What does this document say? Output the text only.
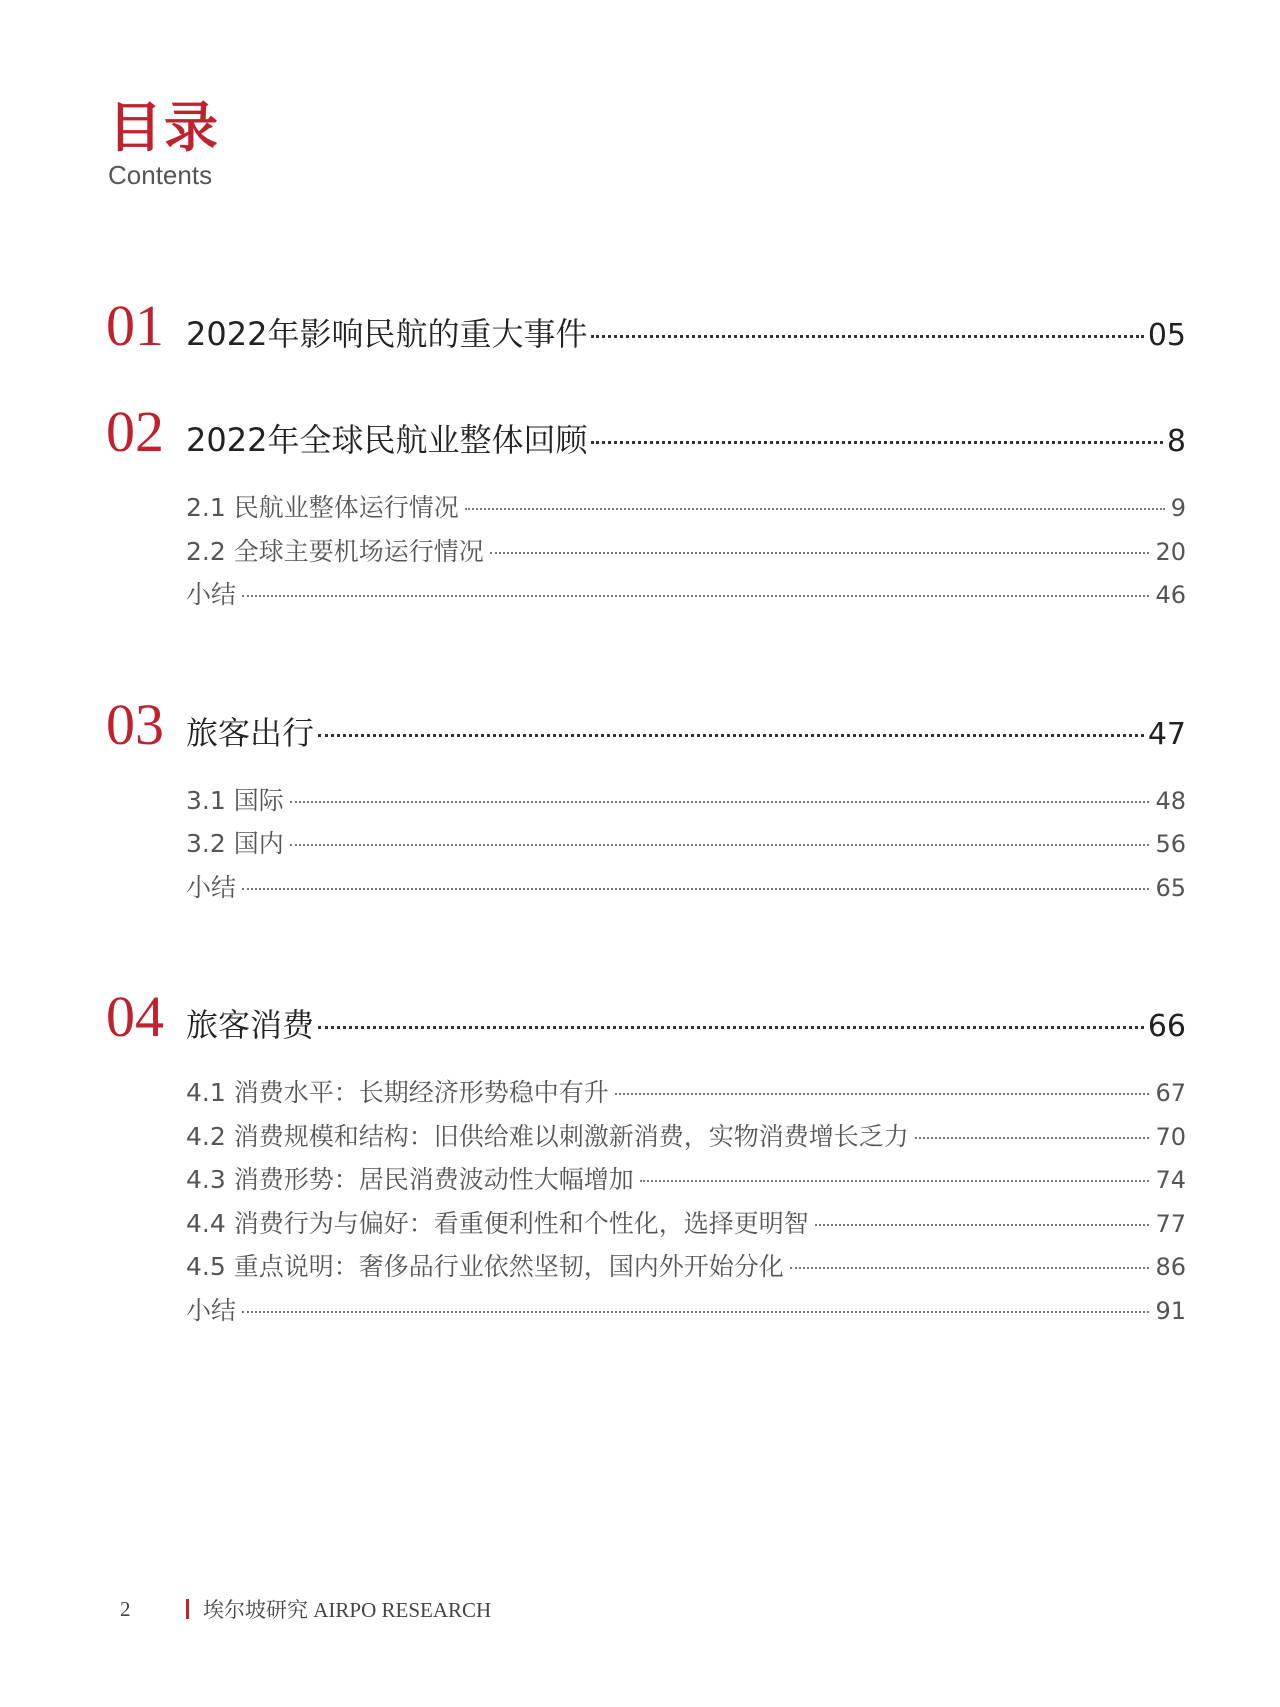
目录
Contents
01 2022年影响民航的重大事件	05
02 2022年全球民航业整体回顾	8
2.1 民航业整体运行情况	9
2.2 全球主要机场运行情况	20
小结	46
03 旅客出行	47
3.1 国际	48
3.2 国内	56
小结	65
04 旅客消费	66
4.1 消费水平：长期经济形势稳中有升	67
4.2 消费规模和结构：旧供给难以刺激新消费，实物消费增长乏力	70
4.3 消费形势：居民消费波动性大幅增加	74
4.4 消费行为与偏好：看重便利性和个性化，选择更明智	77
4.5 重点说明：奢侈品行业依然坚韧，国内外开始分化	86
小结	91
2	埃尔坡研究 AIRPO RESEARCH
